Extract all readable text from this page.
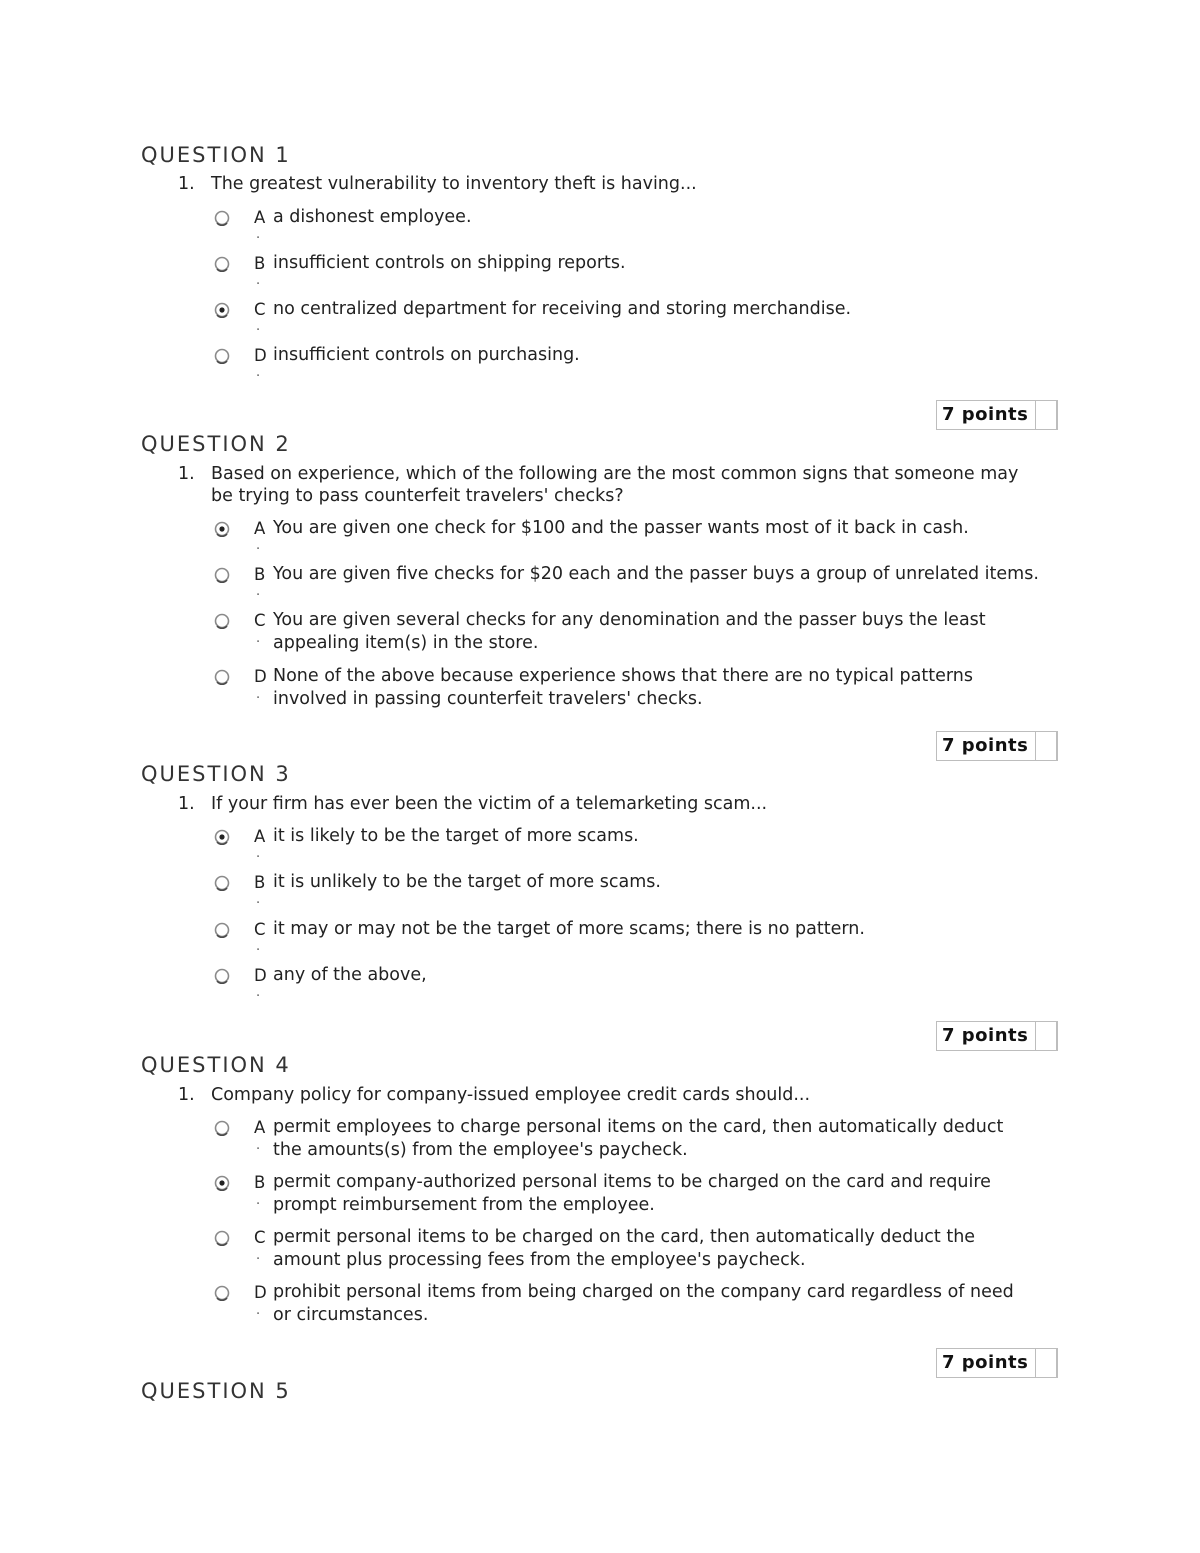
QUESTION 1
1. The greatest vulnerability to inventory theft is having...
A
.
a dishonest employee.
B
.
insufficient controls on shipping reports.
C
.
no centralized department for receiving and storing merchandise.
D
.
insufficient controls on purchasing.
7 points
QUESTION 2
1. Based on experience, which of the following are the most common signs that someone may be trying to pass counterfeit travelers' checks?
A
.
You are given one check for $100 and the passer wants most of it back in cash.
B
.
You are given five checks for $20 each and the passer buys a group of unrelated items.
C
.
You are given several checks for any denomination and the passer buys the least appealing item(s) in the store.
D
.
None of the above because experience shows that there are no typical patterns involved in passing counterfeit travelers' checks.
7 points
QUESTION 3
1. If your firm has ever been the victim of a telemarketing scam...
A
.
it is likely to be the target of more scams.
B
.
it is unlikely to be the target of more scams.
C
.
it may or may not be the target of more scams; there is no pattern.
D
.
any of the above,
7 points
QUESTION 4
1. Company policy for company-issued employee credit cards should...
A
.
permit employees to charge personal items on the card, then automatically deduct the amounts(s) from the employee's paycheck.
B
.
permit company-authorized personal items to be charged on the card and require prompt reimbursement from the employee.
C
.
permit personal items to be charged on the card, then automatically deduct the amount plus processing fees from the employee's paycheck.
D
.
prohibit personal items from being charged on the company card regardless of need or circumstances.
7 points
QUESTION 5
